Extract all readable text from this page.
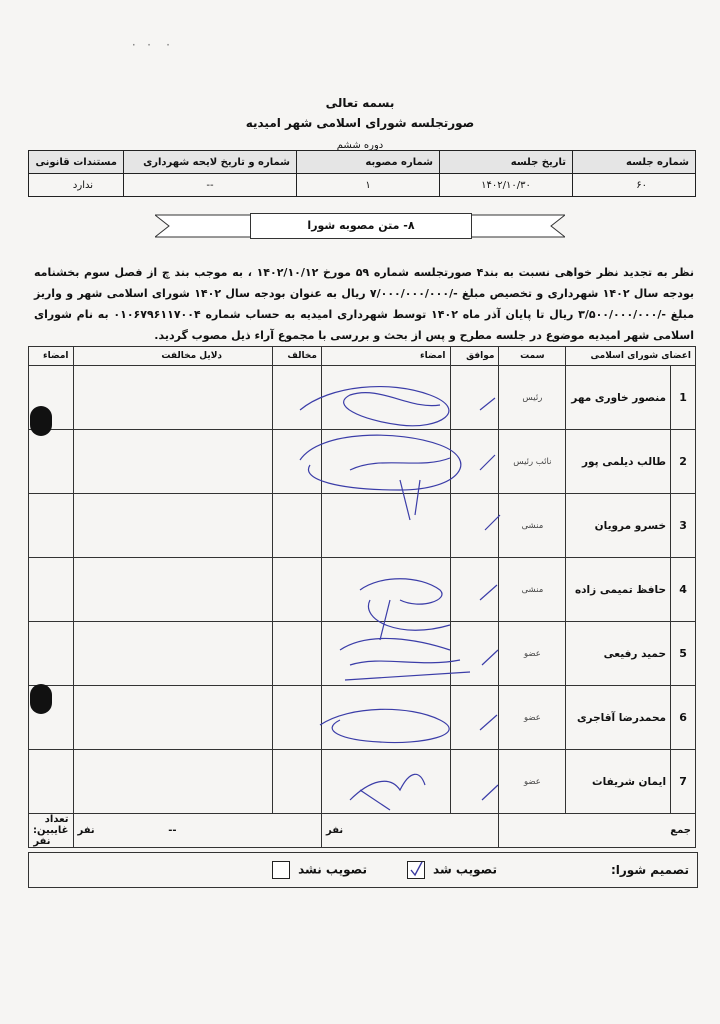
·    ·   ·
بسمه تعالی
صورتجلسه شورای اسلامی شهر امیدیه
دوره ششم
شماره جلسه	تاریخ جلسه	شماره مصوبه	شماره و تاریخ لایحه شهرداری	مستندات قانونی
۶۰	۱۴۰۲/۱۰/۳۰	۱	--	ندارد
۸- متن مصوبه شورا
نظر به تجدید نظر خواهی نسبت به بند۴ صورتجلسه شماره ۵۹ مورخ ۱۴۰۲/۱۰/۱۲ ، به موجب بند چ از فصل سوم بخشنامه بودجه سال ۱۴۰۲ شهرداری و تخصیص مبلغ -/۷/۰۰۰/۰۰۰/۰۰۰ ریال به عنوان بودجه سال ۱۴۰۲ شورای اسلامی شهر و واریز مبلغ -/۳/۵۰۰/۰۰۰/۰۰۰ ریال تا پایان آذر ماه ۱۴۰۲ توسط شهرداری امیدیه به حساب شماره ۰۱۰۶۷۹۶۱۱۷۰۰۴ به نام شورای اسلامی شهر امیدیه موضوع در جلسه مطرح و پس از بحث و بررسی با مجموع آراء ذیل مصوب گردید.
اعضای شورای اسلامی		سمت	موافق	امضاء	مخالف	دلایل مخالفت	امضاء
1	منصور خاوری مهر	رئیس					
2	طالب دیلمی پور	نائب رئیس					
3	خسرو مرویان	منشی					
4	حافظ تمیمی زاده	منشی					
5	حمید رفیعی	عضو					
6	محمدرضا آقاجری	عضو					
7	ایمان شریفات	عضو					
جمع			نفر		-- نفر		تعداد غایبین: نفر
تصمیم شورا:
تصویب شد
تصویب نشد
